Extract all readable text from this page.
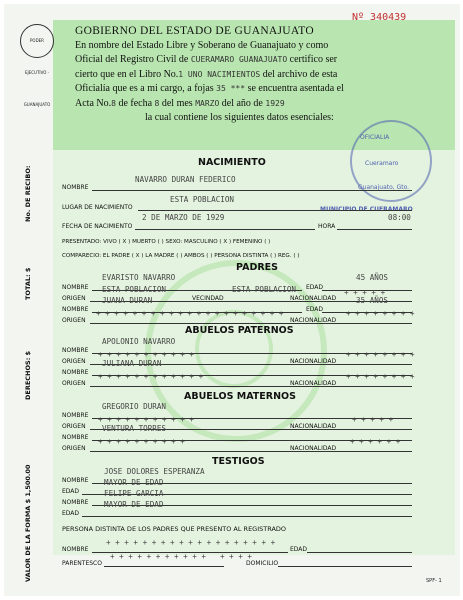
Nº 340439
PODER EJECUTIVO · GUANAJUATO
GOBIERNO DEL ESTADO DE GUANAJUATO
En nombre del Estado Libre y Soberano de Guanajuato y como
Oficial del Registro Civil de CUERAMARO GUANAJUATO certifico ser
cierto que en el Libro No.1 UNO NACIMIENTOS del archivo de esta
Oficialía que es a mi cargo, a fojas 35 *** se encuentra asentada el
Acta No.8 de fecha 8 del mes MARZO del año de 1929
la cual contiene los siguientes datos esenciales:
OFICIALIA
Cueramaro
Guanajuato, Gto.
MUNICIPIO DE CUERAMARO
No. DE RECIBO:
TOTAL: $
DERECHOS: $
VALOR DE LA FORMA $ 1,500.00
NACIMIENTO
NOMBRE
NAVARRO DURAN FEDERICO
LUGAR DE NACIMIENTO
ESTA POBLACION
FECHA DE NACIMIENTO
2 DE MARZO DE 1929
HORA
08:00
PRESENTADO: VIVO ( X ) MUERTO ( ) SEXO: MASCULINO ( X ) FEMENINO ( )
COMPARECIO: EL PADRE ( X ) LA MADRE ( ) AMBOS ( ) PERSONA DISTINTA ( ) REG. ( )
PADRES
NOMBRE
EVARISTO NAVARRO
EDAD
45 AÑOS
ORIGEN
ESTA POBLACION
VECINDAD
ESTA POBLACION
NACIONALIDAD
+ + + + +
NOMBRE
JUANA DURAN
EDAD
35 AÑOS
ORIGEN
+ + + + + + + + + + + + + + + + + + + + +
NACIONALIDAD
+ + + + + + + +
ABUELOS PATERNOS
NOMBRE
APOLONIO NAVARRO
ORIGEN
+ + + + + + + + + + +
NACIONALIDAD
+ + + + + + + +
NOMBRE
JULIANA DURAN
ORIGEN
+ + + + + + + + + + + +
NACIONALIDAD
+ + + + + + + +
ABUELOS MATERNOS
NOMBRE
GREGORIO DURAN
ORIGEN
+ + + + + + + + + + +
NACIONALIDAD
+ + + + +
NOMBRE
VENTURA TORRES
ORIGEN
+ + + + + + + + + +
NACIONALIDAD
+ + + + + +
TESTIGOS
NOMBRE
JOSE DOLORES ESPERANZA
EDAD
MAYOR DE EDAD
NOMBRE
FELIPE GARCIA
EDAD
MAYOR DE EDAD
PERSONA DISTINTA DE LOS PADRES QUE PRESENTO AL REGISTRADO
NOMBRE
+ + + + + + + + + + + + + + + + + + +
EDAD
PARENTESCO
+ + + + + + + + + + +
DOMICILIO
+ + + +
SPF- 1
